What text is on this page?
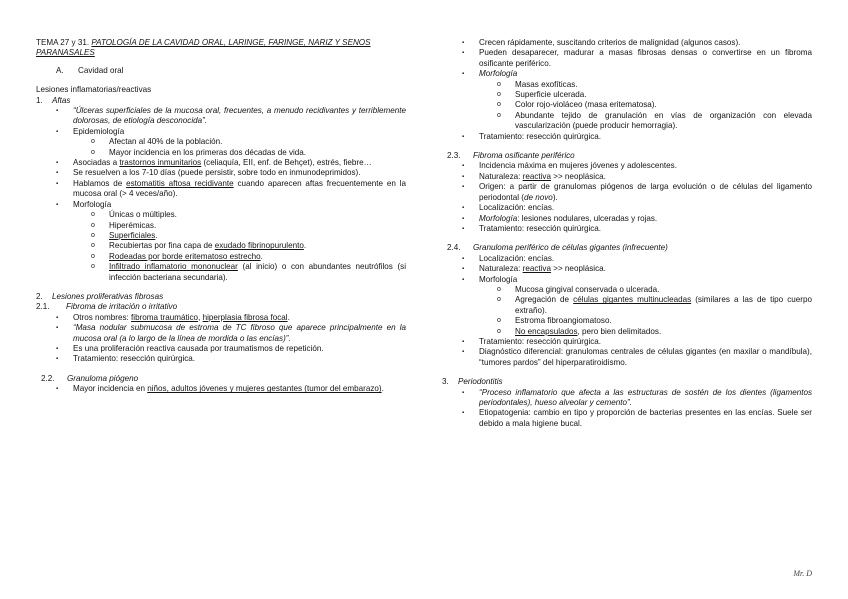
TEMA 27 y 31. PATOLOGÍA DE LA CAVIDAD ORAL, LARINGE, FARINGE, NARIZ Y SENOS PARANASALES

A. Cavidad oral

Lesiones inflamatorias/reactivas

1.	Aftas
▪	“Úlceras superficiales de la mucosa oral, frecuentes, a menudo recidivantes y terriblemente dolorosas, de etiología desconocida”.
▪	Epidemiología
o	Afectan al 40% de la población.
o	Mayor incidencia en los primeras dos décadas de vida.
▪	Asociadas a trastornos inmunitarios (celiaquía, EII, enf. de Behçet), estrés, fiebre…
▪	Se resuelven a los 7-10 días (puede persistir, sobre todo en inmunodeprimidos).
▪	Hablamos de estomatitis aftosa recidivante cuando aparecen aftas frecuentemente en la mucosa oral (> 4 veces/año).
▪	Morfología
o	Únicas o múltiples.
o	Hiperémicas.
o	Superficiales.
o	Recubiertas por fina capa de exudado fibrinopurulento.
o	Rodeadas por borde eritematoso estrecho.
o	Infiltrado inflamatorio mononuclear (al inicio) o con abundantes neutrófilos (si infección bacteriana secundaria).
2.	Lesiones proliferativas fibrosas
2.1.	Fibroma de irritación o irritativo
▪	Otros nombres: fibroma traumático, hiperplasia fibrosa focal.
▪	“Masa nodular submucosa de estroma de TC fibroso que aparece principalmente en la mucosa oral (a lo largo de la línea de mordida o las encías)”.
▪	Es una proliferación reactiva causada por traumatismos de repetición.
▪	Tratamiento: resección quirúrgica.
2.2.	Granuloma piógeno
▪	Mayor incidencia en niños, adultos jóvenes y mujeres gestantes (tumor del embarazo).
▪	Crecen rápidamente, suscitando criterios de malignidad (algunos casos).
▪	Pueden desaparecer, madurar a masas fibrosas densas o convertirse en un fibroma osificante periférico.
▪	Morfología
o	Masas exofíticas.
o	Superficie ulcerada.
o	Color rojo-violáceo (masa eritematosa).
o	Abundante tejido de granulación en vías de organización con elevada vascularización (puede producir hemorragia).
▪	Tratamiento: resección quirúrgica.
2.3.	Fibroma osificante periférico
▪	Incidencia máxima en mujeres jóvenes y adolescentes.
▪	Naturaleza: reactiva >> neoplásica.
▪	Origen: a partir de granulomas piógenos de larga evolución o de células del ligamento periodontal (de novo).
▪	Localización: encías.
▪	Morfología: lesiones nodulares, ulceradas y rojas.
▪	Tratamiento: resección quirúrgica.
2.4.	Granuloma periférico de células gigantes (infrecuente)
▪	Localización: encías.
▪	Naturaleza: reactiva >> neoplásica.
▪	Morfología
o	Mucosa gingival conservada o ulcerada.
o	Agregación de células gigantes multinucleadas (similares a las de tipo cuerpo extraño).
o	Estroma fibroangiomatoso.
o	No encapsulados, pero bien delimitados.
▪	Tratamiento: resección quirúrgica.
▪	Diagnóstico diferencial: granulomas centrales de células gigantes (en maxilar o mandíbula), “tumores pardos” del hiperparatiroidismo.
3.	Periodontitis
▪	“Proceso inflamatorio que afecta a las estructuras de sostén de los dientes (ligamentos periodontales), hueso alveolar y cemento”.
▪	Etiopatogenia: cambio en tipo y proporción de bacterias presentes en las encías. Suele ser debido a mala higiene bucal.
Mr. D
